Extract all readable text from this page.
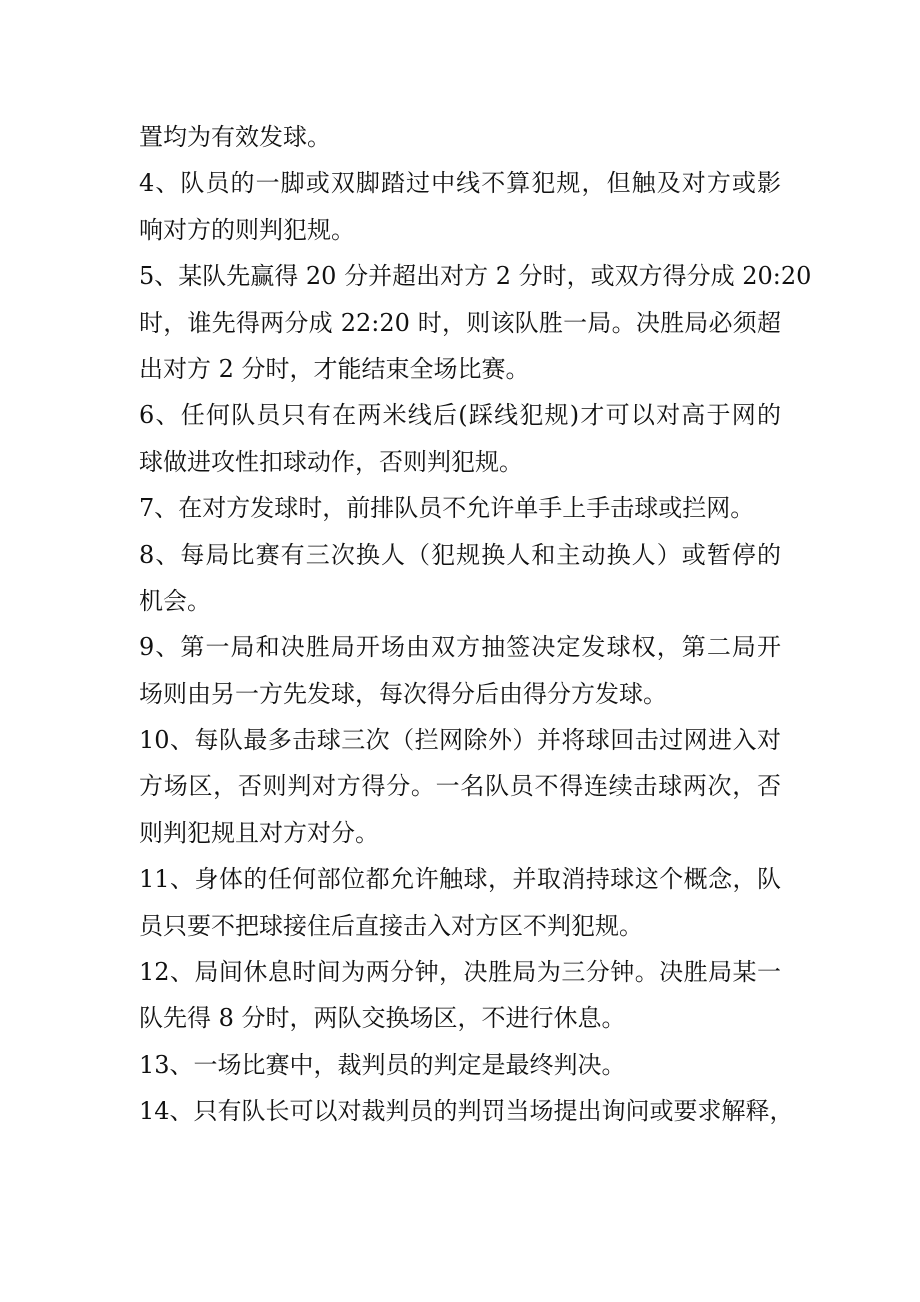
置均为有效发球。
4、队员的一脚或双脚踏过中线不算犯规，但触及对方或影
响对方的则判犯规。
5、某队先赢得 20 分并超出对方 2 分时，或双方得分成 20:20
时，谁先得两分成 22:20 时，则该队胜一局。决胜局必须超
出对方 2 分时，才能结束全场比赛。
6、任何队员只有在两米线后(踩线犯规)才可以对高于网的
球做进攻性扣球动作，否则判犯规。
7、在对方发球时，前排队员不允许单手上手击球或拦网。
8、每局比赛有三次换人（犯规换人和主动换人）或暂停的
机会。
9、第一局和决胜局开场由双方抽签决定发球权，第二局开
场则由另一方先发球，每次得分后由得分方发球。
10、每队最多击球三次（拦网除外）并将球回击过网进入对
方场区，否则判对方得分。一名队员不得连续击球两次，否
则判犯规且对方对分。
11、身体的任何部位都允许触球，并取消持球这个概念，队
员只要不把球接住后直接击入对方区不判犯规。
12、局间休息时间为两分钟，决胜局为三分钟。决胜局某一
队先得 8 分时，两队交换场区，不进行休息。
13、一场比赛中，裁判员的判定是最终判决。
14、只有队长可以对裁判员的判罚当场提出询问或要求解释，
